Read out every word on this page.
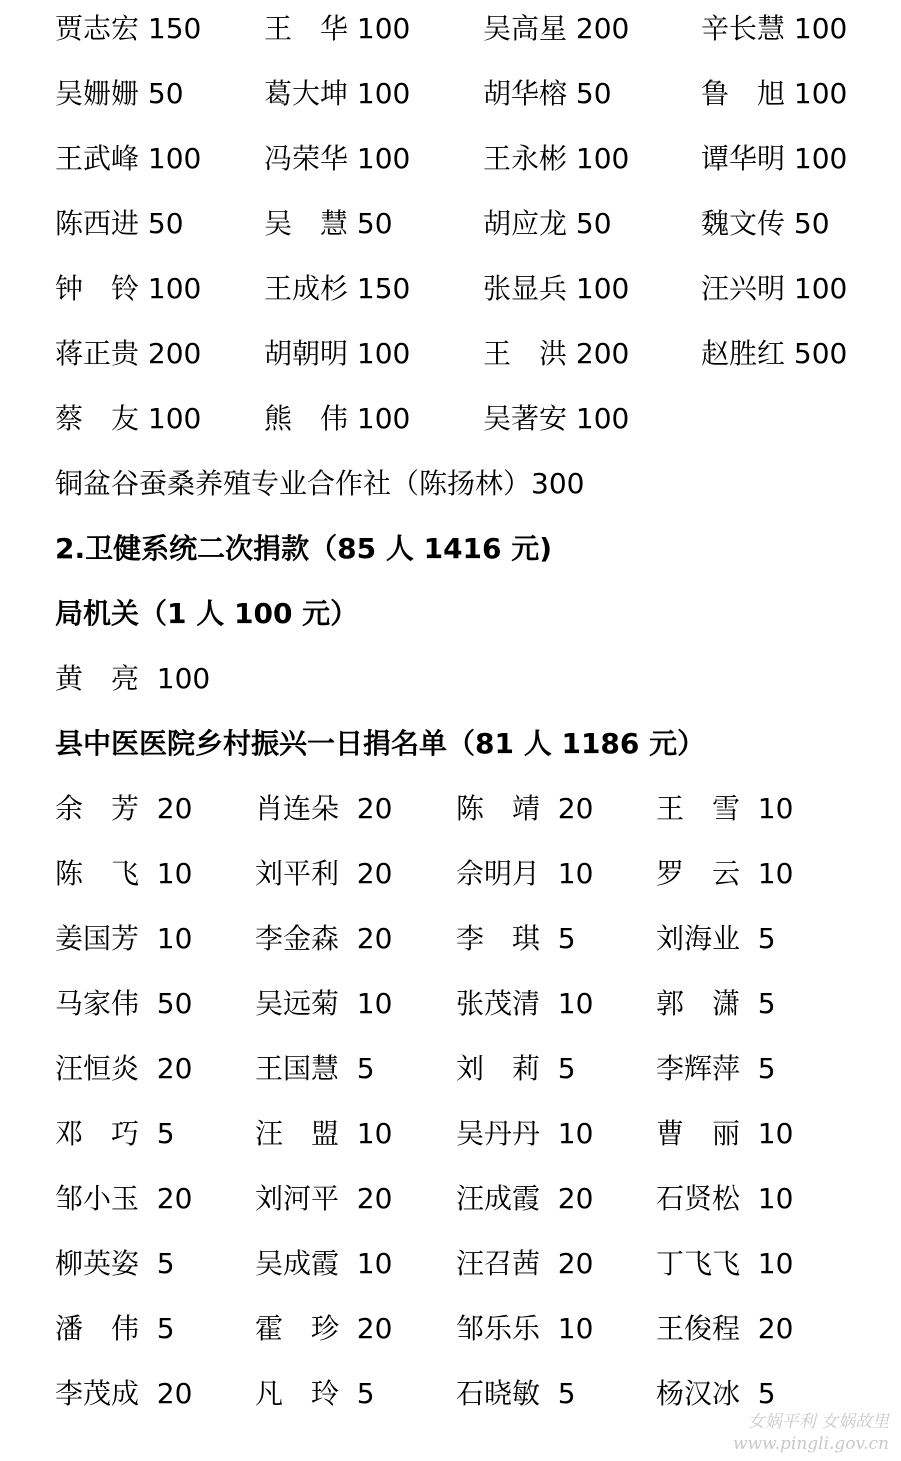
贾志宏 150 王　华 100	吴高星 200	辛长慧 100
吴姗姗 50	葛大坤 100	胡华榕 50	鲁　旭 100
王武峰 100 冯荣华 100	王永彬 100	谭华明 100
陈西进 50	吴　慧 50	胡应龙 50	魏文传 50
钟　铃 100 王成杉 150	张显兵 100	汪兴明 100
蒋正贵 200 胡朝明 100	王　洪 200	赵胜红 500
蔡　友 100 熊　伟 100	吴著安 100
铜盆谷蚕桑养殖专业合作社（陈扬林）300
2.卫健系统二次捐款（85 人 1416 元)
局机关（1 人 100 元）
黄　亮  100
县中医医院乡村振兴一日捐名单（81 人 1186 元）
余　芳  20 肖连朵  20 陈　靖  20 王　雪  10
陈　飞  10 刘平利  20 佘明月  10 罗　云  10
姜国芳  10 李金森  20 李　琪  5	刘海业  5
马家伟  50 吴远菊  10 张茂清  10 郭　潇  5
汪恒炎  20 王国慧  5	刘　莉  5	李辉萍  5
邓　巧  5	汪　盟  10 吴丹丹  10 曹　丽  10
邹小玉  20 刘河平  20 汪成霞  20 石贤松  10
柳英姿  5	吴成霞  10 汪召茜  20 丁飞飞  10
潘　伟  5	霍　珍  20 邹乐乐  10 王俊程  20
李茂成  20 凡　玲  5	石晓敏  5	杨汉冰  5
女娲平利 女娲故里
www.pingli.gov.cn
